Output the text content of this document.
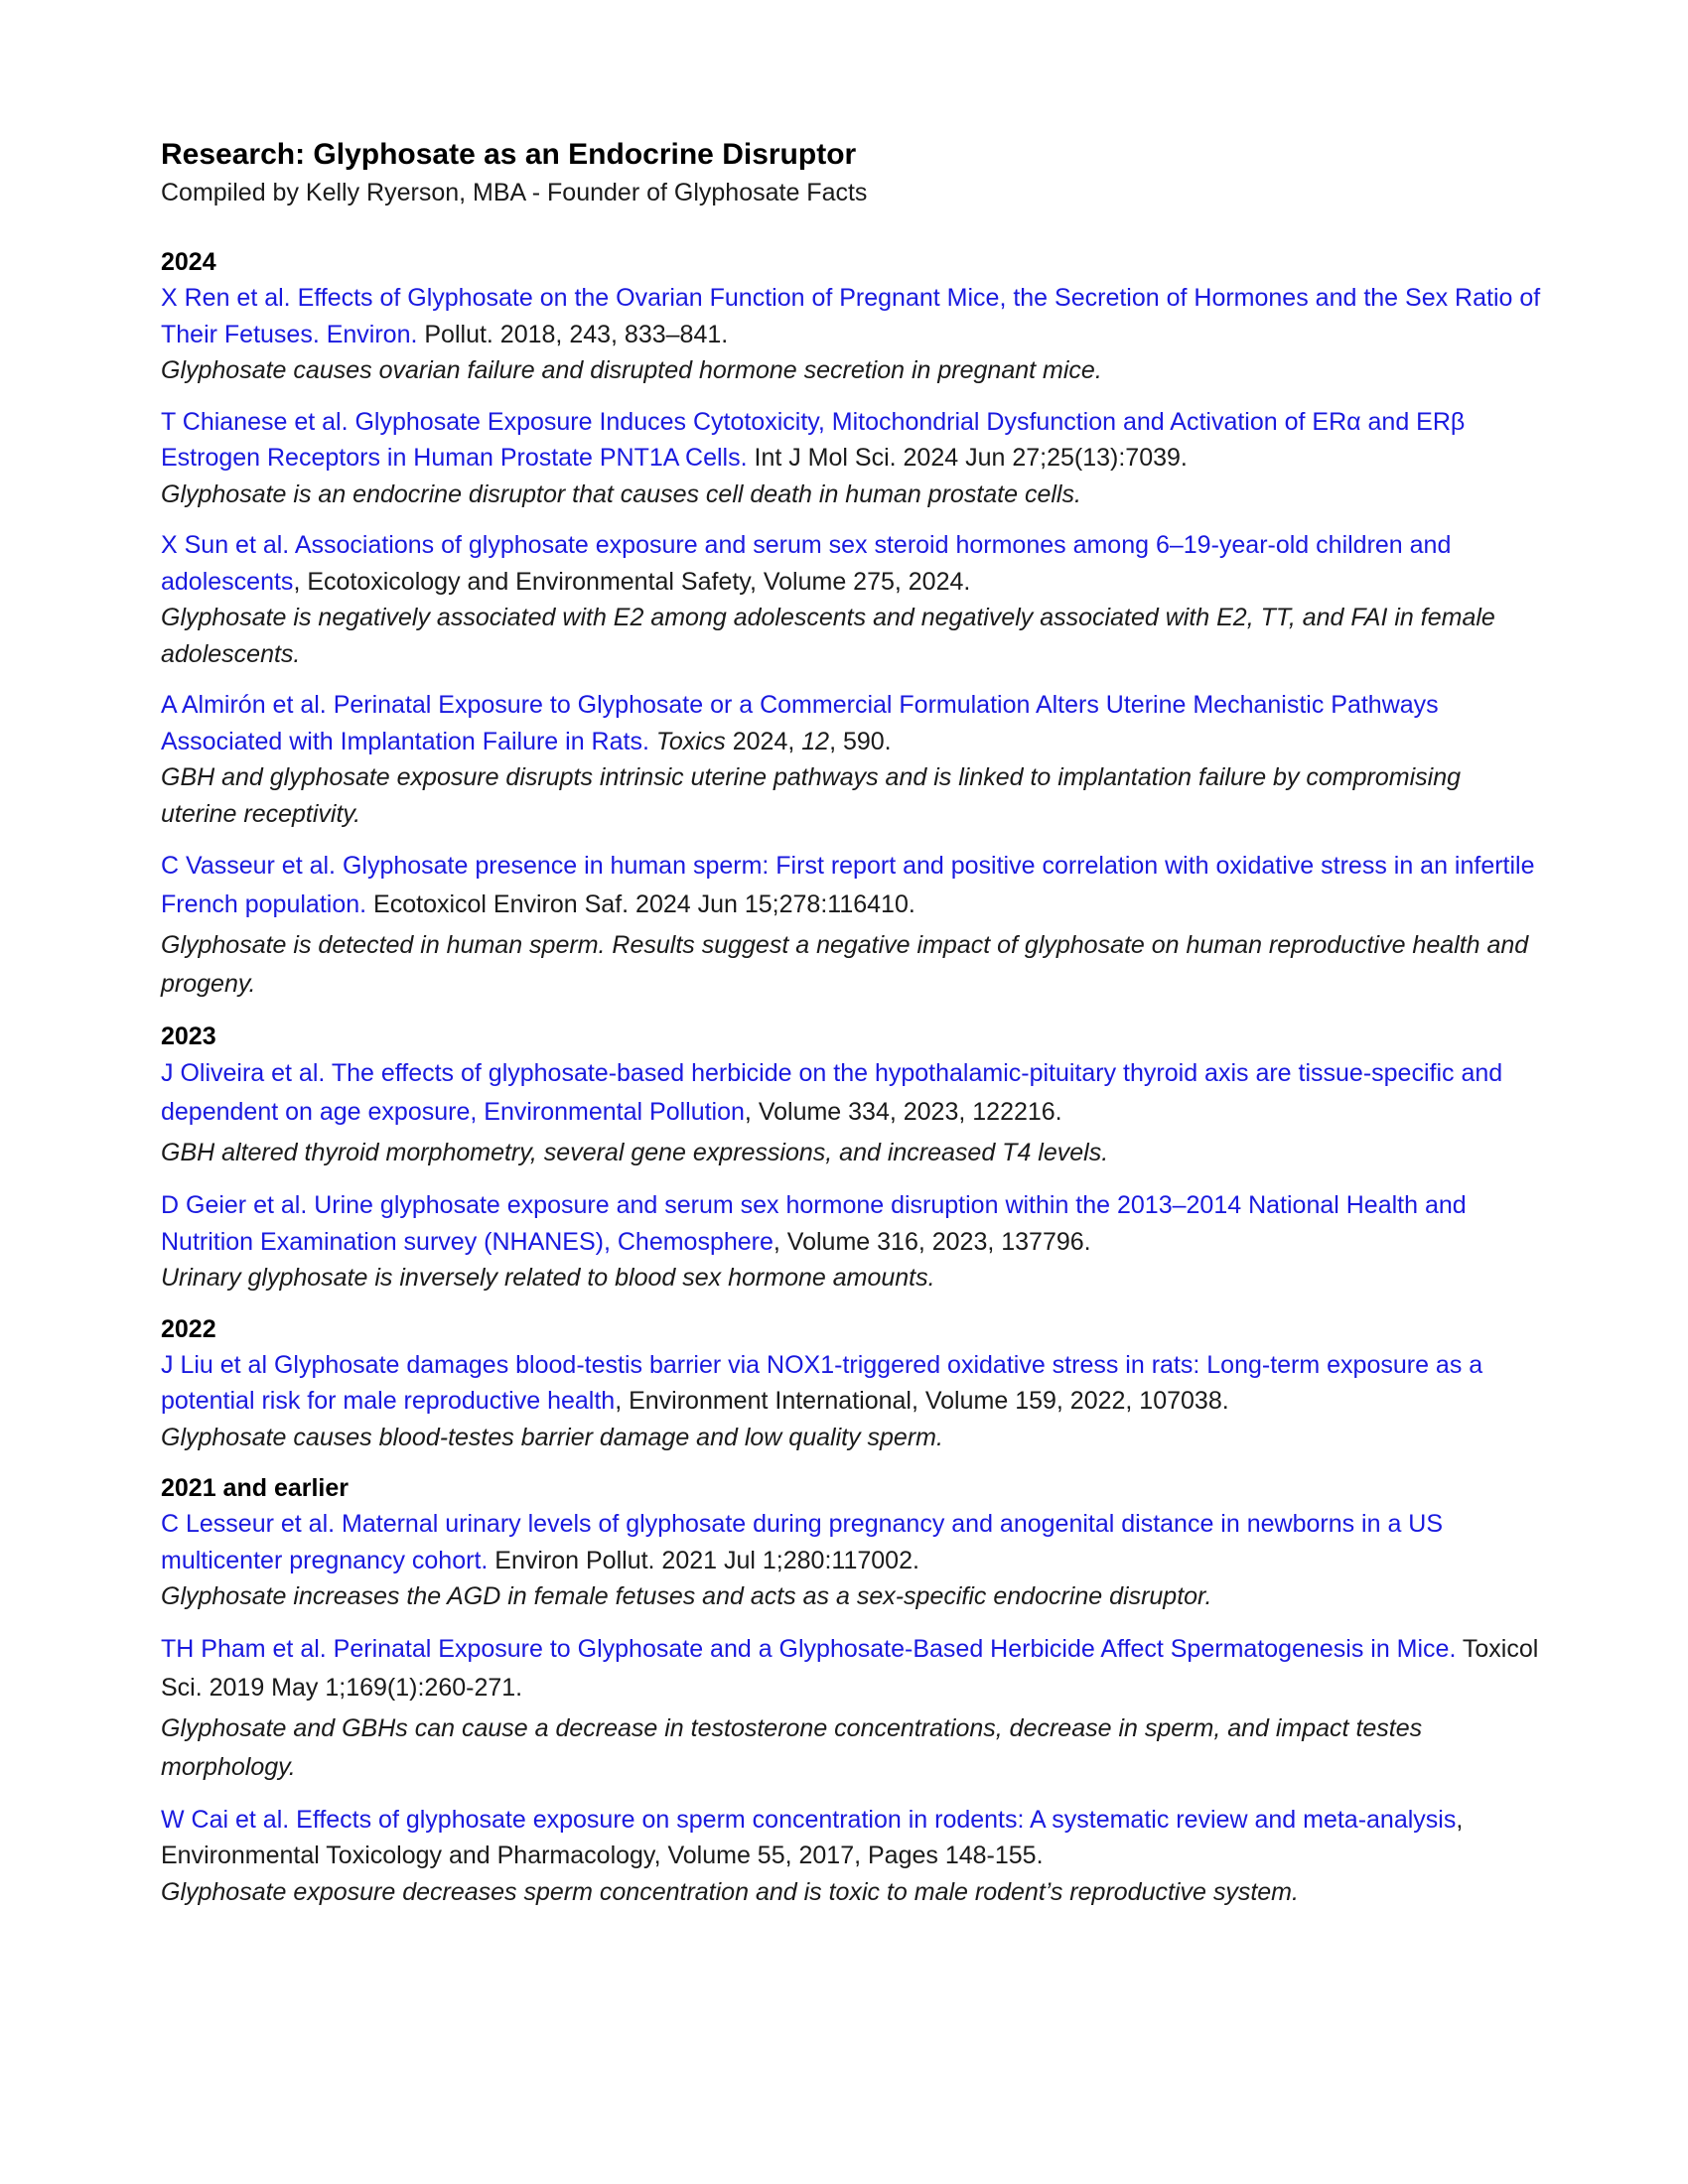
Research: Glyphosate as an Endocrine Disruptor

Compiled by Kelly Ryerson, MBA - Founder of Glyphosate Facts

2024

X Ren et al. Effects of Glyphosate on the Ovarian Function of Pregnant Mice, the Secretion of Hormones and the Sex Ratio of Their Fetuses. Environ. Pollut. 2018, 243, 833–841.

Glyphosate causes ovarian failure and disrupted hormone secretion in pregnant mice.

T Chianese et al. Glyphosate Exposure Induces Cytotoxicity, Mitochondrial Dysfunction and Activation of ERα and ERβ Estrogen Receptors in Human Prostate PNT1A Cells. Int J Mol Sci. 2024 Jun 27;25(13):7039.

Glyphosate is an endocrine disruptor that causes cell death in human prostate cells.

X Sun et al. Associations of glyphosate exposure and serum sex steroid hormones among 6–19-year-old children and adolescents, Ecotoxicology and Environmental Safety, Volume 275, 2024.

Glyphosate is negatively associated with E2 among adolescents and negatively associated with E2, TT, and FAI in female adolescents.

A Almirón et al. Perinatal Exposure to Glyphosate or a Commercial Formulation Alters Uterine Mechanistic Pathways Associated with Implantation Failure in Rats. Toxics 2024, 12, 590.

GBH and glyphosate exposure disrupts intrinsic uterine pathways and is linked to implantation failure by compromising uterine receptivity.

C Vasseur et al. Glyphosate presence in human sperm: First report and positive correlation with oxidative stress in an infertile French population. Ecotoxicol Environ Saf. 2024 Jun 15;278:116410.

Glyphosate is detected in human sperm. Results suggest a negative impact of glyphosate on human reproductive health and progeny.

2023

J Oliveira et al. The effects of glyphosate-based herbicide on the hypothalamic-pituitary thyroid axis are tissue-specific and dependent on age exposure, Environmental Pollution, Volume 334, 2023, 122216.

GBH altered thyroid morphometry, several gene expressions, and increased T4 levels.

D Geier et al. Urine glyphosate exposure and serum sex hormone disruption within the 2013–2014 National Health and Nutrition Examination survey (NHANES), Chemosphere, Volume 316, 2023, 137796.

Urinary glyphosate is inversely related to blood sex hormone amounts.

2022

J Liu et al Glyphosate damages blood-testis barrier via NOX1-triggered oxidative stress in rats: Long-term exposure as a potential risk for male reproductive health, Environment International, Volume 159, 2022, 107038.

Glyphosate causes blood-testes barrier damage and low quality sperm.

2021 and earlier

C Lesseur et al. Maternal urinary levels of glyphosate during pregnancy and anogenital distance in newborns in a US multicenter pregnancy cohort. Environ Pollut. 2021 Jul 1;280:117002.

Glyphosate increases the AGD in female fetuses and acts as a sex-specific endocrine disruptor.

TH Pham et al. Perinatal Exposure to Glyphosate and a Glyphosate-Based Herbicide Affect Spermatogenesis in Mice. Toxicol Sci. 2019 May 1;169(1):260-271.

Glyphosate and GBHs can cause a decrease in testosterone concentrations, decrease in sperm, and impact testes morphology.

W Cai et al. Effects of glyphosate exposure on sperm concentration in rodents: A systematic review and meta-analysis, Environmental Toxicology and Pharmacology, Volume 55, 2017, Pages 148-155.

Glyphosate exposure decreases sperm concentration and is toxic to male rodent’s reproductive system.
